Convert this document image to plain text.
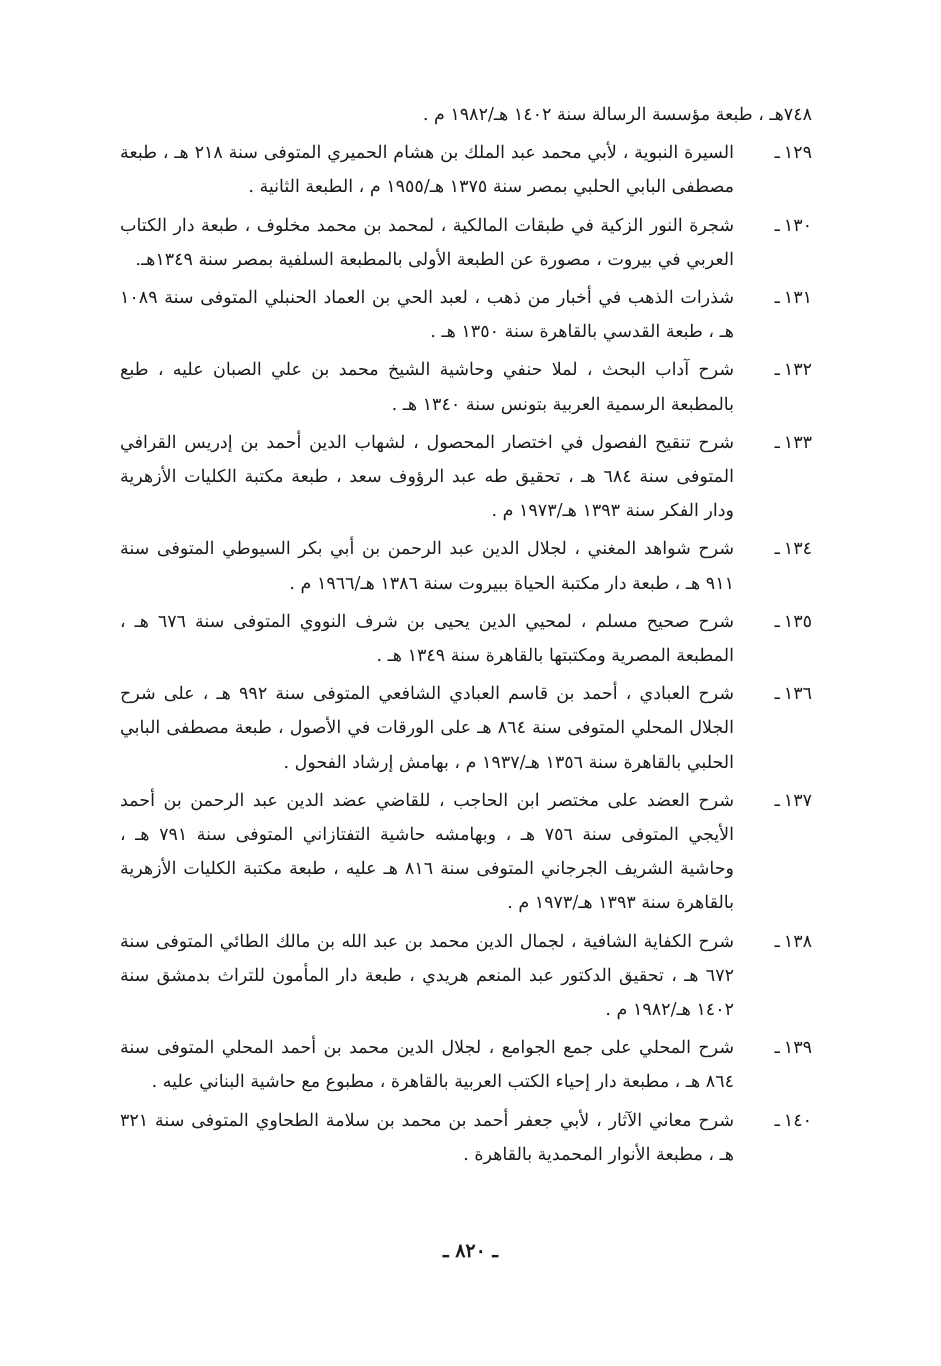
٧٤٨هـ ، طبعة مؤسسة الرسالة سنة ١٤٠٢ هـ/١٩٨٢ م .
١٢٩ـ
السيرة النبوية ، لأبي محمد عبد الملك بن هشام الحميري المتوفى سنة ٢١٨ هـ ، طبعة مصطفى البابي الحلبي بمصر سنة ١٣٧٥ هـ/١٩٥٥ م ، الطبعة الثانية .
١٣٠ـ
شجرة النور الزكية في طبقات المالكية ، لمحمد بن محمد مخلوف ، طبعة دار الكتاب العربي في بيروت ، مصورة عن الطبعة الأولى بالمطبعة السلفية بمصر سنة ١٣٤٩هـ.
١٣١ـ
شذرات الذهب في أخبار من ذهب ، لعبد الحي بن العماد الحنبلي المتوفى سنة ١٠٨٩ هـ ، طبعة القدسي بالقاهرة سنة ١٣٥٠ هـ .
١٣٢ـ
شرح آداب البحث ، لملا حنفي وحاشية الشيخ محمد بن علي الصبان عليه ، طبع بالمطبعة الرسمية العربية بتونس سنة ١٣٤٠ هـ .
١٣٣ـ
شرح تنقيح الفصول في اختصار المحصول ، لشهاب الدين أحمد بن إدريس القرافي المتوفى سنة ٦٨٤ هـ ، تحقيق طه عبد الرؤوف سعد ، طبعة مكتبة الكليات الأزهرية ودار الفكر سنة ١٣٩٣ هـ/١٩٧٣ م .
١٣٤ـ
شرح شواهد المغني ، لجلال الدين عبد الرحمن بن أبي بكر السيوطي المتوفى سنة ٩١١ هـ ، طبعة دار مكتبة الحياة ببيروت سنة ١٣٨٦ هـ/١٩٦٦ م .
١٣٥ـ
شرح صحيح مسلم ، لمحيي الدين يحيى بن شرف النووي المتوفى سنة ٦٧٦ هـ ، المطبعة المصرية ومكتبتها بالقاهرة سنة ١٣٤٩ هـ .
١٣٦ـ
شرح العبادي ، أحمد بن قاسم العبادي الشافعي المتوفى سنة ٩٩٢ هـ ، على شرح الجلال المحلي المتوفى سنة ٨٦٤ هـ على الورقات في الأصول ، طبعة مصطفى البابي الحلبي بالقاهرة سنة ١٣٥٦ هـ/١٩٣٧ م ، بهامش إرشاد الفحول .
١٣٧ـ
شرح العضد على مختصر ابن الحاجب ، للقاضي عضد الدين عبد الرحمن بن أحمد الأيجي المتوفى سنة ٧٥٦ هـ ، وبهامشه حاشية التفتازاني المتوفى سنة ٧٩١ هـ ، وحاشية الشريف الجرجاني المتوفى سنة ٨١٦ هـ عليه ، طبعة مكتبة الكليات الأزهرية بالقاهرة سنة ١٣٩٣ هـ/١٩٧٣ م .
١٣٨ـ
شرح الكفاية الشافية ، لجمال الدين محمد بن عبد الله بن مالك الطائي المتوفى سنة ٦٧٢ هـ ، تحقيق الدكتور عبد المنعم هريدي ، طبعة دار المأمون للتراث بدمشق سنة ١٤٠٢ هـ/١٩٨٢ م .
١٣٩ـ
شرح المحلي على جمع الجوامع ، لجلال الدين محمد بن أحمد المحلي المتوفى سنة ٨٦٤ هـ ، مطبعة دار إحياء الكتب العربية بالقاهرة ، مطبوع مع حاشية البناني عليه .
١٤٠ـ
شرح معاني الآثار ، لأبي جعفر أحمد بن محمد بن سلامة الطحاوي المتوفى سنة ٣٢١ هـ ، مطبعة الأنوار المحمدية بالقاهرة .
ـ ٨٢٠ ـ
